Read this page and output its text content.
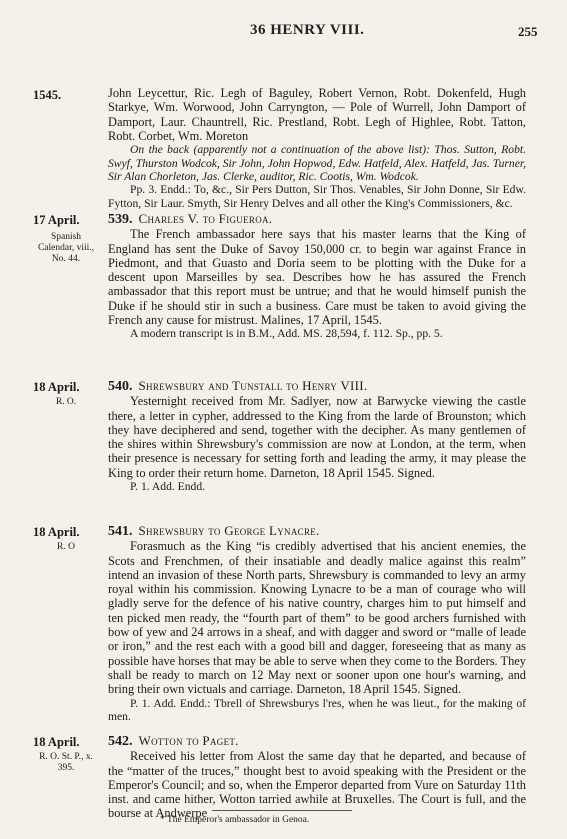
36 HENRY VIII.	255
1545.	John Leycettur, Ric. Legh of Baguley, Robert Vernon, Robt. Dokenfeld, Hugh Starkye, Wm. Worwood, John Carryngton, — Pole of Wurrell, John Damport of Damport, Laur. Chauntrell, Ric. Prestland, Robt. Legh of Highlee, Robt. Tatton, Robt. Corbet, Wm. Moreton

On the back (apparently not a continuation of the above list): Thos. Sutton, Robt. Swyf, Thurston Wodcok, Sir John, John Hopwod, Edw. Hatfeld, Alex. Hatfeld, Jas. Turner, Sir Alan Chorleton, Jas. Clerke, auditor, Ric. Cootis, Wm. Wodcok.

Pp. 3. Endd.: To, &c., Sir Pers Dutton, Sir Thos. Venables, Sir John Donne, Sir Edw. Fytton, Sir Laur. Smyth, Sir Henry Delves and all other the King's Commissioners, &c.

17 April.
Spanish Calendar, viii., No. 44.
539. Charles V. to Figueroa.

The French ambassador here says that his master learns that the King of England has sent the Duke of Savoy 150,000 cr. to begin war against France in Piedmont, and that Guasto and Doria seem to be plotting with the Duke for a descent upon Marseilles by sea. Describes how he has assured the French ambassador that this report must be untrue; and that he would himself punish the Duke if he should stir in such a business. Care must be taken to avoid giving the French any cause for mistrust. Malines, 17 April, 1545.

A modern transcript is in B.M., Add. MS. 28,594, f. 112. Sp., pp. 5.

18 April.
R. O.
540. Shrewsbury and Tunstall to Henry VIII.

Yesternight received from Mr. Sadlyer, now at Barwycke viewing the castle there, a letter in cypher, addressed to the King from the larde of Brounston; which they have deciphered and send, together with the decipher. As many gentlemen of the shires within Shrewsbury's commission are now at London, at the term, when their presence is necessary for setting forth and leading the army, it may please the King to order their return home. Darneton, 18 April 1545. Signed.

P. 1. Add. Endd.

18 April.
R. O
541. Shrewsbury to George Lynacre.

Forasmuch as the King “is credibly advertised that his ancient enemies, the Scots and Frenchmen, of their insatiable and deadly malice against this realm” intend an invasion of these North parts, Shrewsbury is commanded to levy an army royal within his commission. Knowing Lynacre to be a man of courage who will gladly serve for the defence of his native country, charges him to put himself and ten picked men ready, the “fourth part of them” to be good archers furnished with bow of yew and 24 arrows in a sheaf, and with dagger and sword or “malle of leade or iron,” and the rest each with a good bill and dagger, foreseeing that as many as possible have horses that may be able to serve when they come to the Borders. They shall be ready to march on 12 May next or sooner upon one hour's warning, and bring their own victuals and carriage. Darneton, 18 April 1545. Signed.

P. 1. Add. Endd.: Tbrell of Shrewsburys l'res, when he was lieut., for the making of men.

18 April.
R. O. St. P., x. 395.
542. Wotton to Paget.

Received his letter from Alost the same day that he departed, and because of the “matter of the truces,” thought best to avoid speaking with the President or the Emperor's Council; and so, when the Emperor departed from Vure on Saturday 11th inst. and came hither, Wotton tarried awhile at Bruxelles. The Court is full, and the bourse at Andwerpe

* The Emperor's ambassador in Genoa.
